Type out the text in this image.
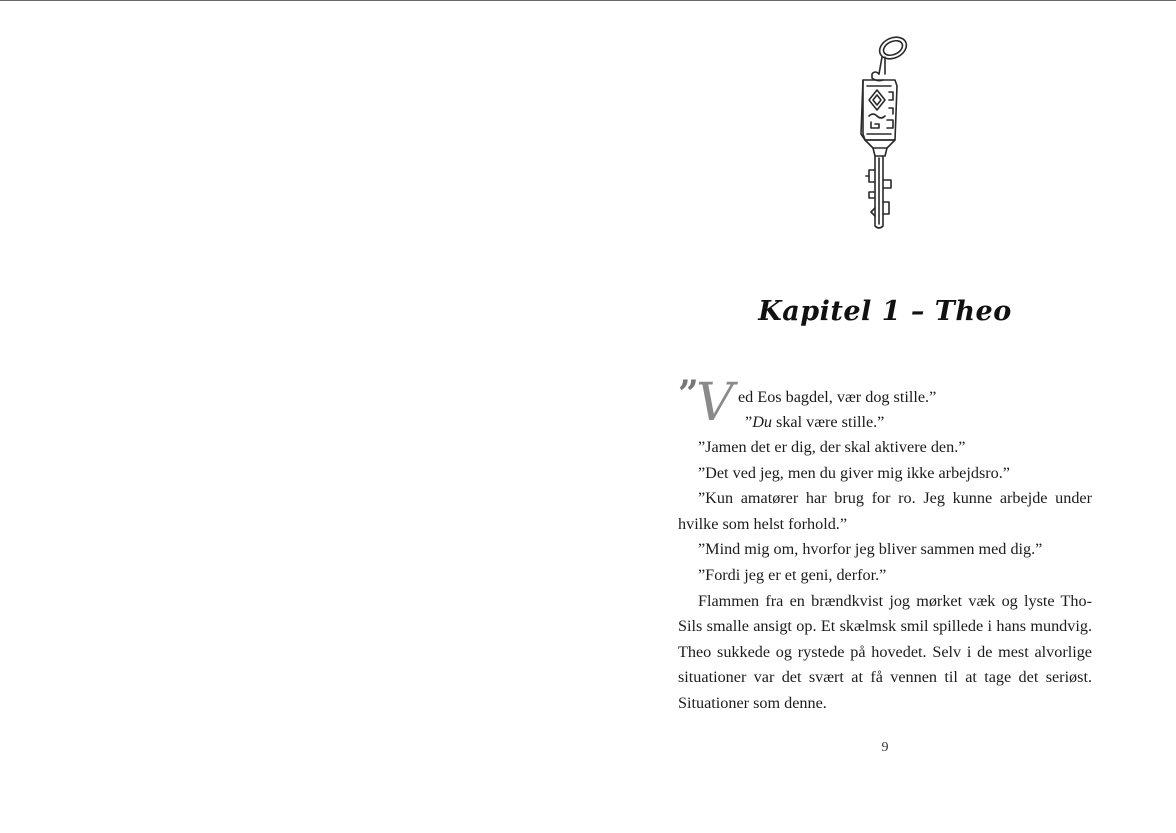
Kapitel 1 – Theo
”
V ed Eos bagdel, vær dog stille.”
”Du skal være stille.”

”Jamen det er dig, der skal aktivere den.”

”Det ved jeg, men du giver mig ikke arbejdsro.”

”Kun amatører har brug for ro. Jeg kunne arbejde under hvilke som helst forhold.”

”Mind mig om, hvorfor jeg bliver sammen med dig.”

”Fordi jeg er et geni, derfor.”

Flammen fra en brændkvist jog mørket væk og lyste Tho-Sils smalle ansigt op. Et skælmsk smil spillede i hans mundvig. Theo sukkede og rystede på hovedet. Selv i de mest alvorlige situationer var det svært at få vennen til at tage det seriøst. Situationer som denne.

9
